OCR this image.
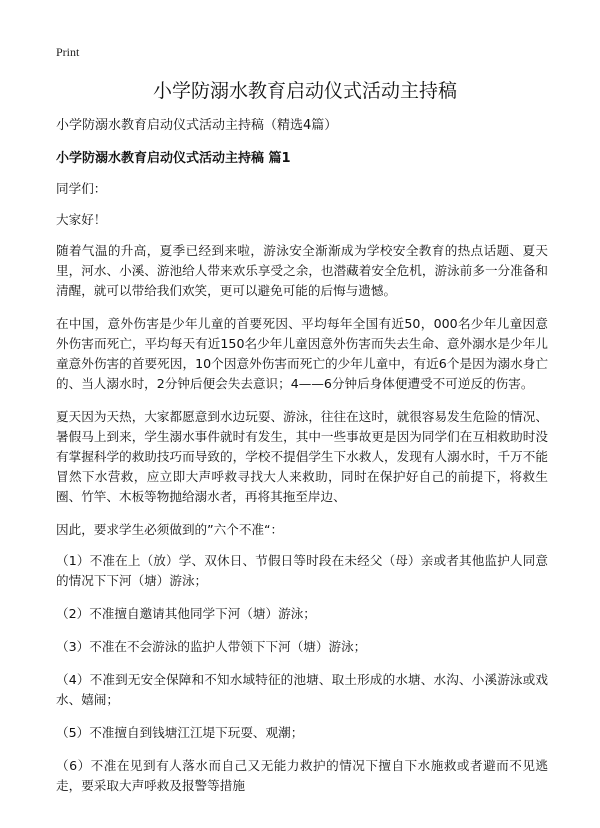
Print
小学防溺水教育启动仪式活动主持稿
小学防溺水教育启动仪式活动主持稿（精选4篇）
小学防溺水教育启动仪式活动主持稿 篇1
同学们：
大家好！
随着气温的升高，夏季已经到来啦，游泳安全渐渐成为学校安全教育的热点话题、夏天里，河水、小溪、游池给人带来欢乐享受之余，也潜藏着安全危机，游泳前多一分准备和清醒，就可以带给我们欢笑，更可以避免可能的后悔与遗憾。
在中国，意外伤害是少年儿童的首要死因、平均每年全国有近50，000名少年儿童因意外伤害而死亡，平均每天有近150名少年儿童因意外伤害而失去生命、意外溺水是少年儿童意外伤害的首要死因，10个因意外伤害而死亡的少年儿童中，有近6个是因为溺水身亡的、当人溺水时，2分钟后便会失去意识；4——6分钟后身体便遭受不可逆反的伤害。
夏天因为天热，大家都愿意到水边玩耍、游泳，往往在这时，就很容易发生危险的情况、暑假马上到来，学生溺水事件就时有发生，其中一些事故更是因为同学们在互相救助时没有掌握科学的救助技巧而导致的，学校不提倡学生下水救人，发现有人溺水时，千万不能冒然下水营救，应立即大声呼救寻找大人来救助，同时在保护好自己的前提下，将救生圈、竹竿、木板等物抛给溺水者，再将其拖至岸边、
因此，要求学生必须做到的”六个不准“：
（1）不准在上（放）学、双休日、节假日等时段在未经父（母）亲或者其他监护人同意的情况下下河（塘）游泳；
（2）不准擅自邀请其他同学下河（塘）游泳；
（3）不准在不会游泳的监护人带领下下河（塘）游泳；
（4）不准到无安全保障和不知水域特征的池塘、取土形成的水塘、水沟、小溪游泳或戏水、嬉闹；
（5）不准擅自到钱塘江江堤下玩耍、观潮；
（6）不准在见到有人落水而自己又无能力救护的情况下擅自下水施救或者避而不见逃走，要采取大声呼救及报警等措施
